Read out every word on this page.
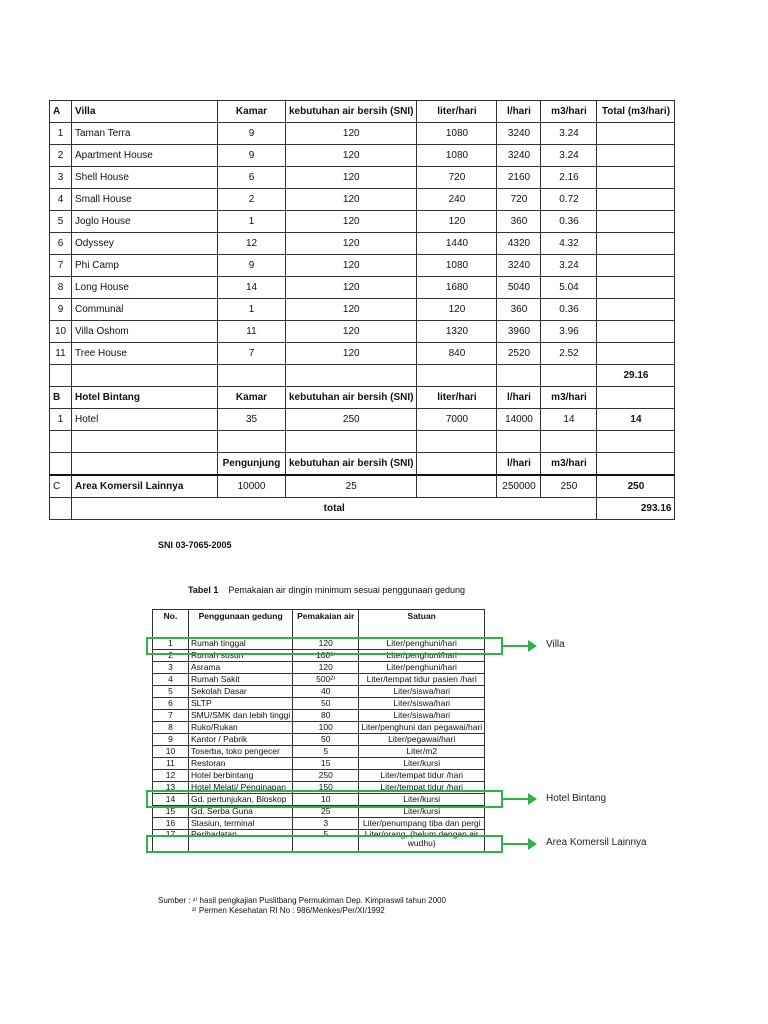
A	Villa	Kamar	kebutuhan air bersih (SNI)	liter/hari	l/hari	m3/hari	Total (m3/hari)
1	Taman Terra	9	120	1080	3240	3.24	
2	Apartment House	9	120	1080	3240	3.24	
3	Shell House	6	120	720	2160	2.16	
4	Small House	2	120	240	720	0.72	
5	Joglo House	1	120	120	360	0.36	
6	Odyssey	12	120	1440	4320	4.32	
7	Phi Camp	9	120	1080	3240	3.24	
8	Long House	14	120	1680	5040	5.04	
9	Communal	1	120	120	360	0.36	
10	Villa Oshom	11	120	1320	3960	3.96	
11	Tree House	7	120	840	2520	2.52	
							29.16
B	Hotel Bintang	Kamar	kebutuhan air bersih (SNI)	liter/hari	l/hari	m3/hari	
1	Hotel	35	250	7000	14000	14	14

		Pengunjung	kebutuhan air bersih (SNI)		l/hari	m3/hari	
C	Area Komersil Lainnya	10000	25		250000	250	250
	total						293.16
SNI 03-7065-2005
Tabel 1 Pemakaian air dingin minimum sesuai penggunaan gedung
No.	Penggunaan gedung	Pemakaian air	Satuan
1	Rumah tinggal	120	Liter/penghuni/hari
2	Rumah susun	100¹⁾	Liter/penghuni/hari
3	Asrama	120	Liter/penghuni/hari
4	Rumah Sakit	500²⁾	Liter/tempat tidur pasien /hari
5	Sekolah Dasar	40	Liter/siswa/hari
6	SLTP	50	Liter/siswa/hari
7	SMU/SMK dan lebih tinggi	80	Liter/siswa/hari
8	Ruko/Rukan	100	Liter/penghuni dan pegawai/hari
9	Kantor / Pabrik	50	Liter/pegawai/hari
10	Toserba, toko pengecer	5	Liter/m2
11	Restoran	15	Liter/kursi
12	Hotel berbintang	250	Liter/tempat tidur /hari
13	Hotel Melati/ Penginapan	150	Liter/tempat tidur /hari
14	Gd. pertunjukan, Bioskop	10	Liter/kursi
15	Gd. Serba Guna	25	Liter/kursi
16	Stasiun, terminal	3	Liter/penumpang tiba dan pergi
17	Peribadatan	5	Liter/orang, (belum dengan air wudhu)
Sumber : ¹⁾ hasil pengkajian Puslitbang Permukiman Dep. Kimpraswil tahun 2000
²⁾ Permen Kesehatan RI No : 986/Menkes/Per/XI/1992
Villa
Hotel Bintang
Area Komersil Lainnya
